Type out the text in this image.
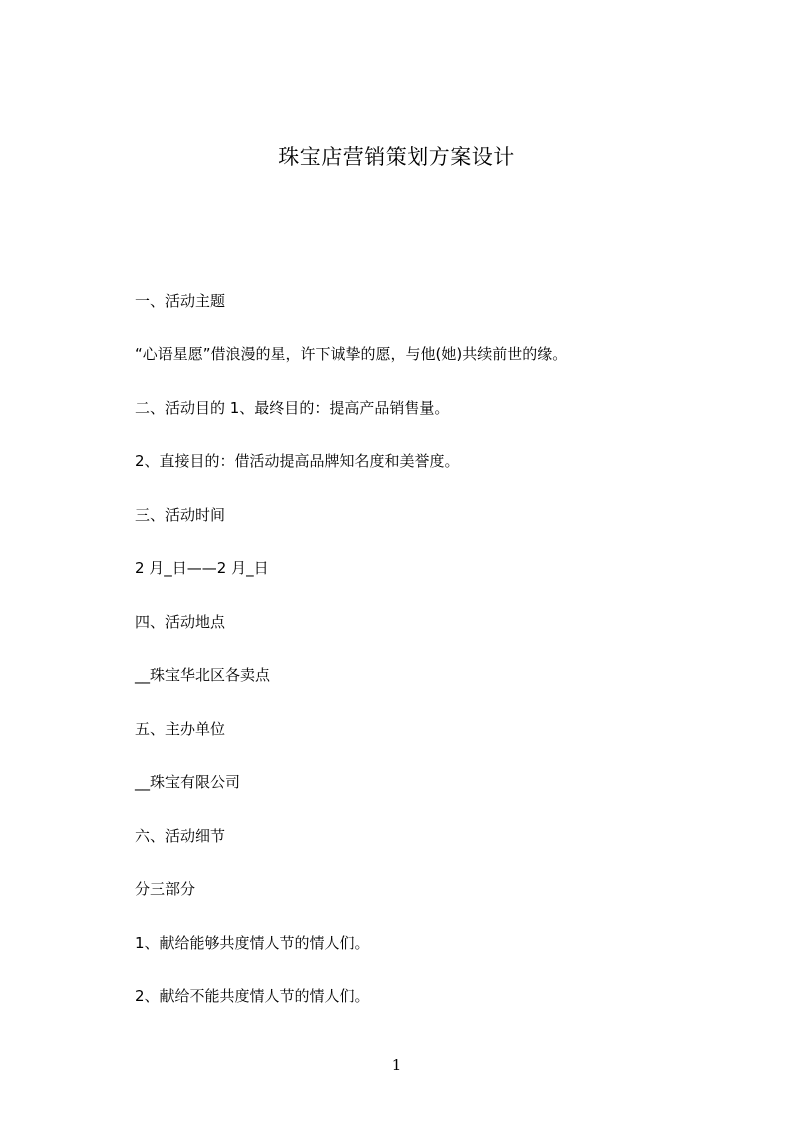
珠宝店营销策划方案设计
一、活动主题
“心语星愿”借浪漫的星，许下诚挚的愿，与他(她)共续前世的缘。
二、活动目的 1、最终目的：提高产品销售量。
2、直接目的：借活动提高品牌知名度和美誉度。
三、活动时间
2 月_日——2 月_日
四、活动地点
__珠宝华北区各卖点
五、主办单位
__珠宝有限公司
六、活动细节
分三部分
1、献给能够共度情人节的情人们。
2、献给不能共度情人节的情人们。
1
